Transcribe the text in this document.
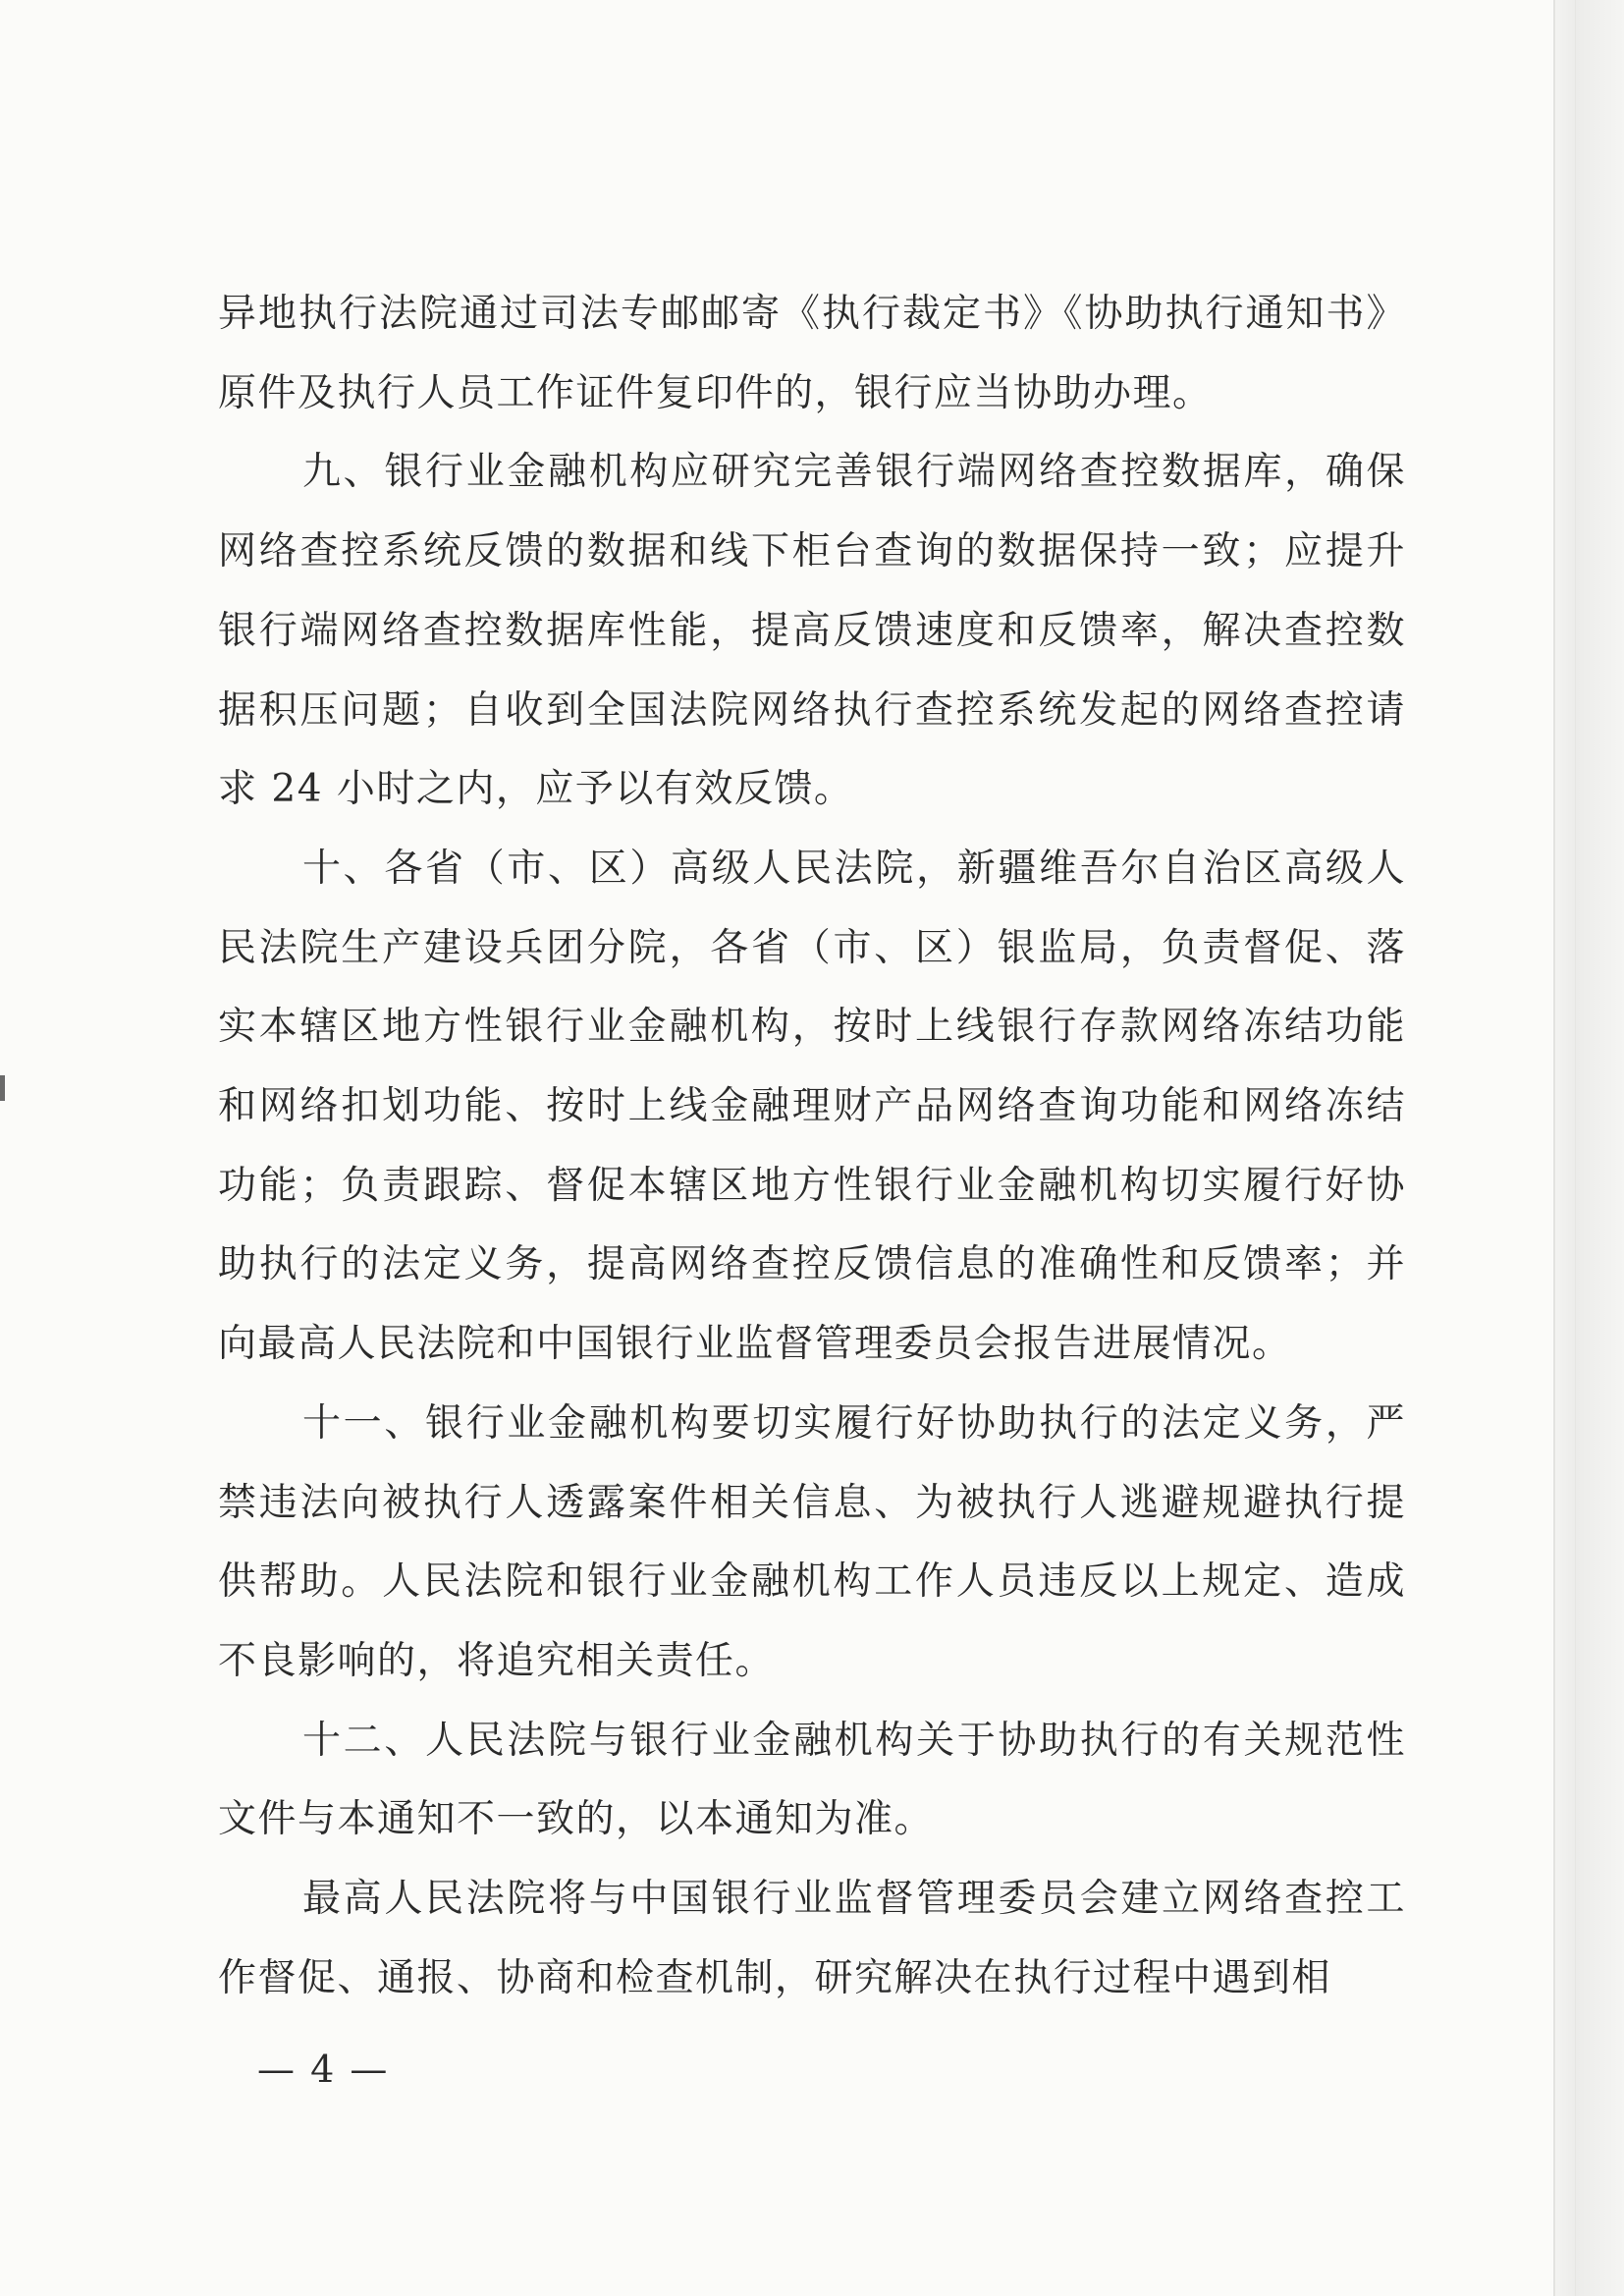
异地执行法院通过司法专邮邮寄《执行裁定书》《协助执行通知书》原件及执行人员工作证件复印件的，银行应当协助办理。

九、银行业金融机构应研究完善银行端网络查控数据库，确保网络查控系统反馈的数据和线下柜台查询的数据保持一致；应提升银行端网络查控数据库性能，提高反馈速度和反馈率，解决查控数据积压问题；自收到全国法院网络执行查控系统发起的网络查控请求 24 小时之内，应予以有效反馈。

十、各省（市、区）高级人民法院，新疆维吾尔自治区高级人民法院生产建设兵团分院，各省（市、区）银监局，负责督促、落实本辖区地方性银行业金融机构，按时上线银行存款网络冻结功能和网络扣划功能、按时上线金融理财产品网络查询功能和网络冻结功能；负责跟踪、督促本辖区地方性银行业金融机构切实履行好协助执行的法定义务，提高网络查控反馈信息的准确性和反馈率；并向最高人民法院和中国银行业监督管理委员会报告进展情况。

十一、银行业金融机构要切实履行好协助执行的法定义务，严禁违法向被执行人透露案件相关信息、为被执行人逃避规避执行提供帮助。人民法院和银行业金融机构工作人员违反以上规定、造成不良影响的，将追究相关责任。

十二、人民法院与银行业金融机构关于协助执行的有关规范性文件与本通知不一致的，以本通知为准。

最高人民法院将与中国银行业监督管理委员会建立网络查控工作督促、通报、协商和检查机制，研究解决在执行过程中遇到相

— 4 —
